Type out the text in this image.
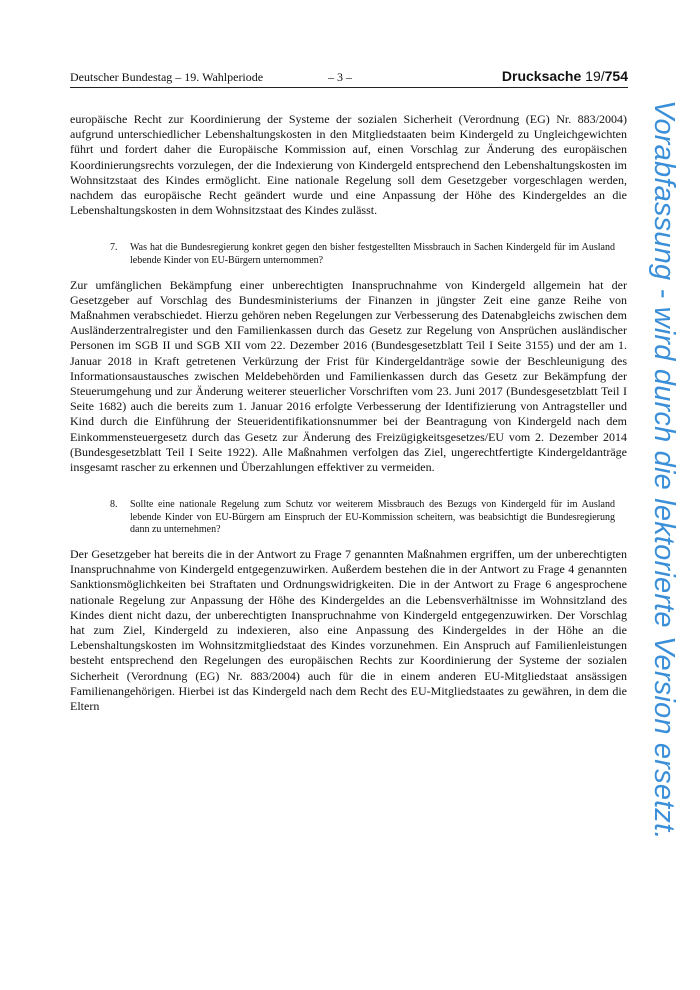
Deutscher Bundestag – 19. Wahlperiode	– 3 –	Drucksache 19/754

europäische Recht zur Koordinierung der Systeme der sozialen Sicherheit (Verordnung (EG) Nr. 883/2004) aufgrund unterschiedlicher Lebenshaltungskosten in den Mitgliedstaaten beim Kindergeld zu Ungleichgewichten führt und fordert daher die Europäische Kommission auf, einen Vorschlag zur Änderung des europäischen Koordinierungsrechts vorzulegen, der die Indexierung von Kindergeld entsprechend den Lebenshaltungskosten im Wohnsitzstaat des Kindes ermöglicht. Eine nationale Regelung soll dem Gesetzgeber vorgeschlagen werden, nachdem das europäische Recht geändert wurde und eine Anpassung der Höhe des Kindergeldes an die Lebenshaltungskosten in dem Wohnsitzstaat des Kindes zulässt.

7. Was hat die Bundesregierung konkret gegen den bisher festgestellten Missbrauch in Sachen Kindergeld für im Ausland lebende Kinder von EU-Bürgern unternommen?

Zur umfänglichen Bekämpfung einer unberechtigten Inanspruchnahme von Kindergeld allgemein hat der Gesetzgeber auf Vorschlag des Bundesministeriums der Finanzen in jüngster Zeit eine ganze Reihe von Maßnahmen verabschiedet. Hierzu gehören neben Regelungen zur Verbesserung des Datenabgleichs zwischen dem Ausländerzentralregister und den Familienkassen durch das Gesetz zur Regelung von Ansprüchen ausländischer Personen im SGB II und SGB XII vom 22. Dezember 2016 (Bundesgesetzblatt Teil I Seite 3155) und der am 1. Januar 2018 in Kraft getretenen Verkürzung der Frist für Kindergeldanträge sowie der Beschleunigung des Informationsaustausches zwischen Meldebehörden und Familienkassen durch das Gesetz zur Bekämpfung der Steuerumgehung und zur Änderung weiterer steuerlicher Vorschriften vom 23. Juni 2017 (Bundesgesetzblatt Teil I Seite 1682) auch die bereits zum 1. Januar 2016 erfolgte Verbesserung der Identifizierung von Antragsteller und Kind durch die Einführung der Steueridentifikationsnummer bei der Beantragung von Kindergeld nach dem Einkommensteuergesetz durch das Gesetz zur Änderung des Freizügigkeitsgesetzes/EU vom 2. Dezember 2014 (Bundesgesetzblatt Teil I Seite 1922). Alle Maßnahmen verfolgen das Ziel, ungerechtfertigte Kindergeldanträge insgesamt rascher zu erkennen und Überzahlungen effektiver zu vermeiden.

8. Sollte eine nationale Regelung zum Schutz vor weiterem Missbrauch des Bezugs von Kindergeld für im Ausland lebende Kinder von EU-Bürgern am Einspruch der EU-Kommission scheitern, was beabsichtigt die Bundesregierung dann zu unternehmen?

Der Gesetzgeber hat bereits die in der Antwort zu Frage 7 genannten Maßnahmen ergriffen, um der unberechtigten Inanspruchnahme von Kindergeld entgegenzuwirken. Außerdem bestehen die in der Antwort zu Frage 4 genannten Sanktionsmöglichkeiten bei Straftaten und Ordnungswidrigkeiten. Die in der Antwort zu Frage 6 angesprochene nationale Regelung zur Anpassung der Höhe des Kindergeldes an die Lebensverhältnisse im Wohnsitzland des Kindes dient nicht dazu, der unberechtigten Inanspruchnahme von Kindergeld entgegenzuwirken. Der Vorschlag hat zum Ziel, Kindergeld zu indexieren, also eine Anpassung des Kindergeldes in der Höhe an die Lebenshaltungskosten im Wohnsitzmitgliedstaat des Kindes vorzunehmen. Ein Anspruch auf Familienleistungen besteht entsprechend den Regelungen des europäischen Rechts zur Koordinierung der Systeme der sozialen Sicherheit (Verordnung (EG) Nr. 883/2004) auch für die in einem anderen EU-Mitgliedstaat ansässigen Familienangehörigen. Hierbei ist das Kindergeld nach dem Recht des EU-Mitgliedstaates zu gewähren, in dem die Eltern	Vorabfassung - wird durch die lektorierte Version ersetzt.
